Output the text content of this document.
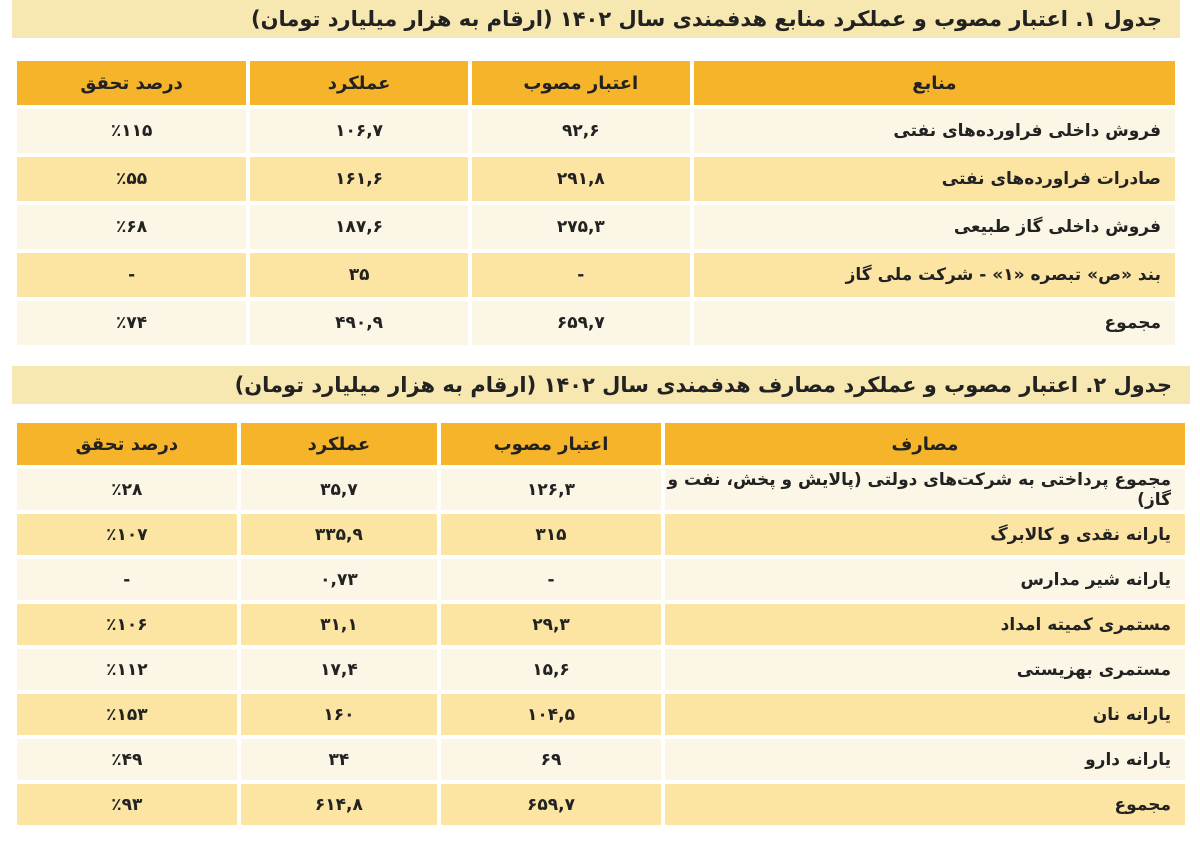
جدول ۱. اعتبار مصوب و عملکرد منابع هدفمندی سال ۱۴۰۲ (ارقام به هزار میلیارد تومان)
منابع	اعتبار مصوب	عملکرد	درصد تحقق
فروش داخلی فراورده‌های نفتی	۹۲,۶	۱۰۶,۷	٪۱۱۵
صادرات فراورده‌های نفتی	۲۹۱,۸	۱۶۱,۶	٪۵۵
فروش داخلی گاز طبیعی	۲۷۵,۳	۱۸۷,۶	٪۶۸
بند «ص» تبصره «۱» - شرکت ملی گاز	-	۳۵	-
مجموع	۶۵۹,۷	۴۹۰,۹	٪۷۴
جدول ۲. اعتبار مصوب و عملکرد مصارف هدفمندی سال ۱۴۰۲ (ارقام به هزار میلیارد تومان)
مصارف	اعتبار مصوب	عملکرد	درصد تحقق
مجموع پرداختی به شرکت‌های دولتی (پالایش و پخش، نفت و گاز)	۱۲۶,۳	۳۵,۷	٪۲۸
یارانه نقدی و کالابرگ	۳۱۵	۳۳۵,۹	٪۱۰۷
یارانه شیر مدارس	-	۰,۷۳	-
مستمری کمیته امداد	۲۹,۳	۳۱,۱	٪۱۰۶
مستمری بهزیستی	۱۵,۶	۱۷,۴	٪۱۱۲
یارانه نان	۱۰۴,۵	۱۶۰	٪۱۵۳
یارانه دارو	۶۹	۳۴	٪۴۹
مجموع	۶۵۹,۷	۶۱۴,۸	٪۹۳
